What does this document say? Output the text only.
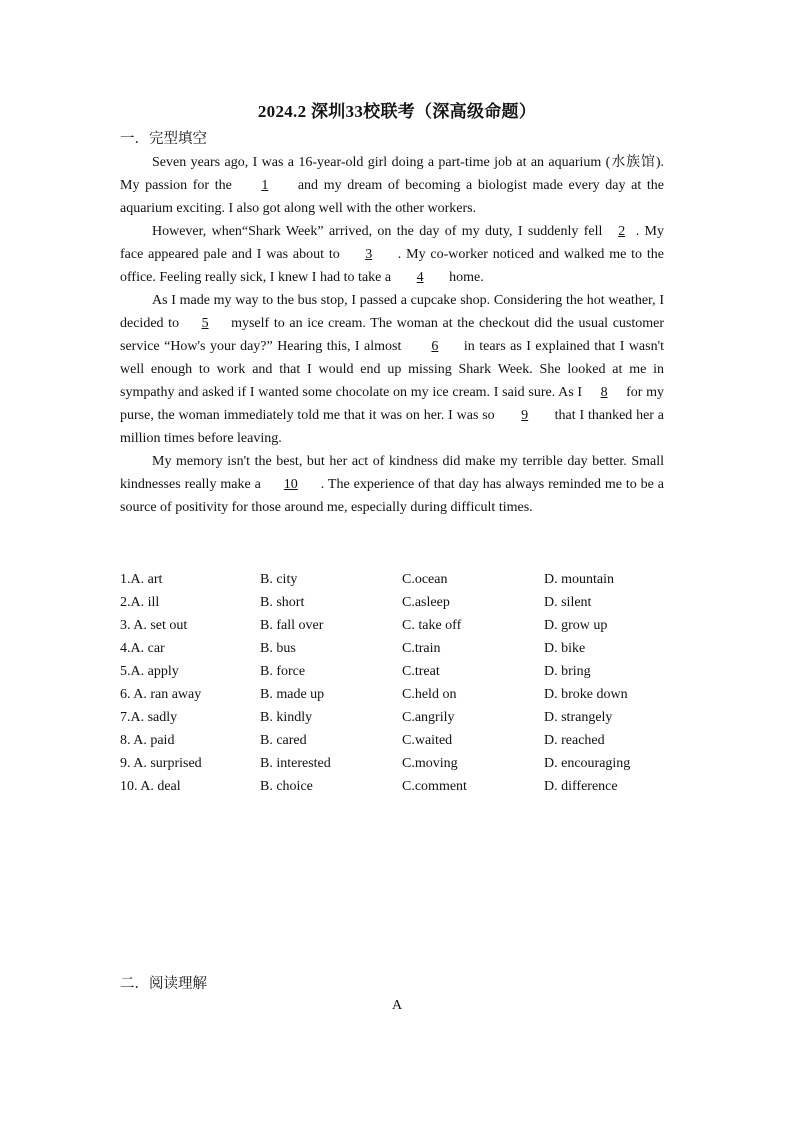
2024.2 深圳33校联考（深高级命题）
一．完型填空

Seven years ago, I was a 16-year-old girl doing a part-time job at an aquarium (水族馆). My passion for the 1 and my dream of becoming a biologist made every day at the aquarium exciting. I also got along well with the other workers.

However, when“Shark Week” arrived, on the day of my duty, I suddenly fell 2 . My face appeared pale and I was about to 3 . My co-worker noticed and walked me to the office. Feeling really sick, I knew I had to take a 4 home.

As I made my way to the bus stop, I passed a cupcake shop. Considering the hot weather, I decided to 5 myself to an ice cream. The woman at the checkout did the usual customer service “How's your day?” Hearing this, I almost 6 in tears as I explained that I wasn't well enough to work and that I would end up missing Shark Week. She looked at me in sympathy and asked if I wanted some chocolate on my ice cream. I said sure. As I 8 for my purse, the woman immediately told me that it was on her. I was so 9 that I thanked her a million times before leaving.

My memory isn't the best, but her act of kindness did make my terrible day better. Small kindnesses really make a 10 . The experience of that day has always reminded me to be a source of positivity for those around me, especially during difficult times.

1.A. art	B. city	C.ocean	D. mountain
2.A. ill	B. short	C.asleep	D. silent
3. A. set out	B. fall over	C. take off	D. grow up
4.A. car	B. bus	C.train	D. bike
5.A. apply	B. force	C.treat	D. bring
6. A. ran away	B. made up	C.held on	D. broke down
7.A. sadly	B. kindly	C.angrily	D. strangely
8. A. paid	B. cared	C.waited	D. reached
9. A. surprised	B. interested	C.moving	D. encouraging
10. A. deal	B. choice	C.comment	D. difference
二．阅读理解
A
